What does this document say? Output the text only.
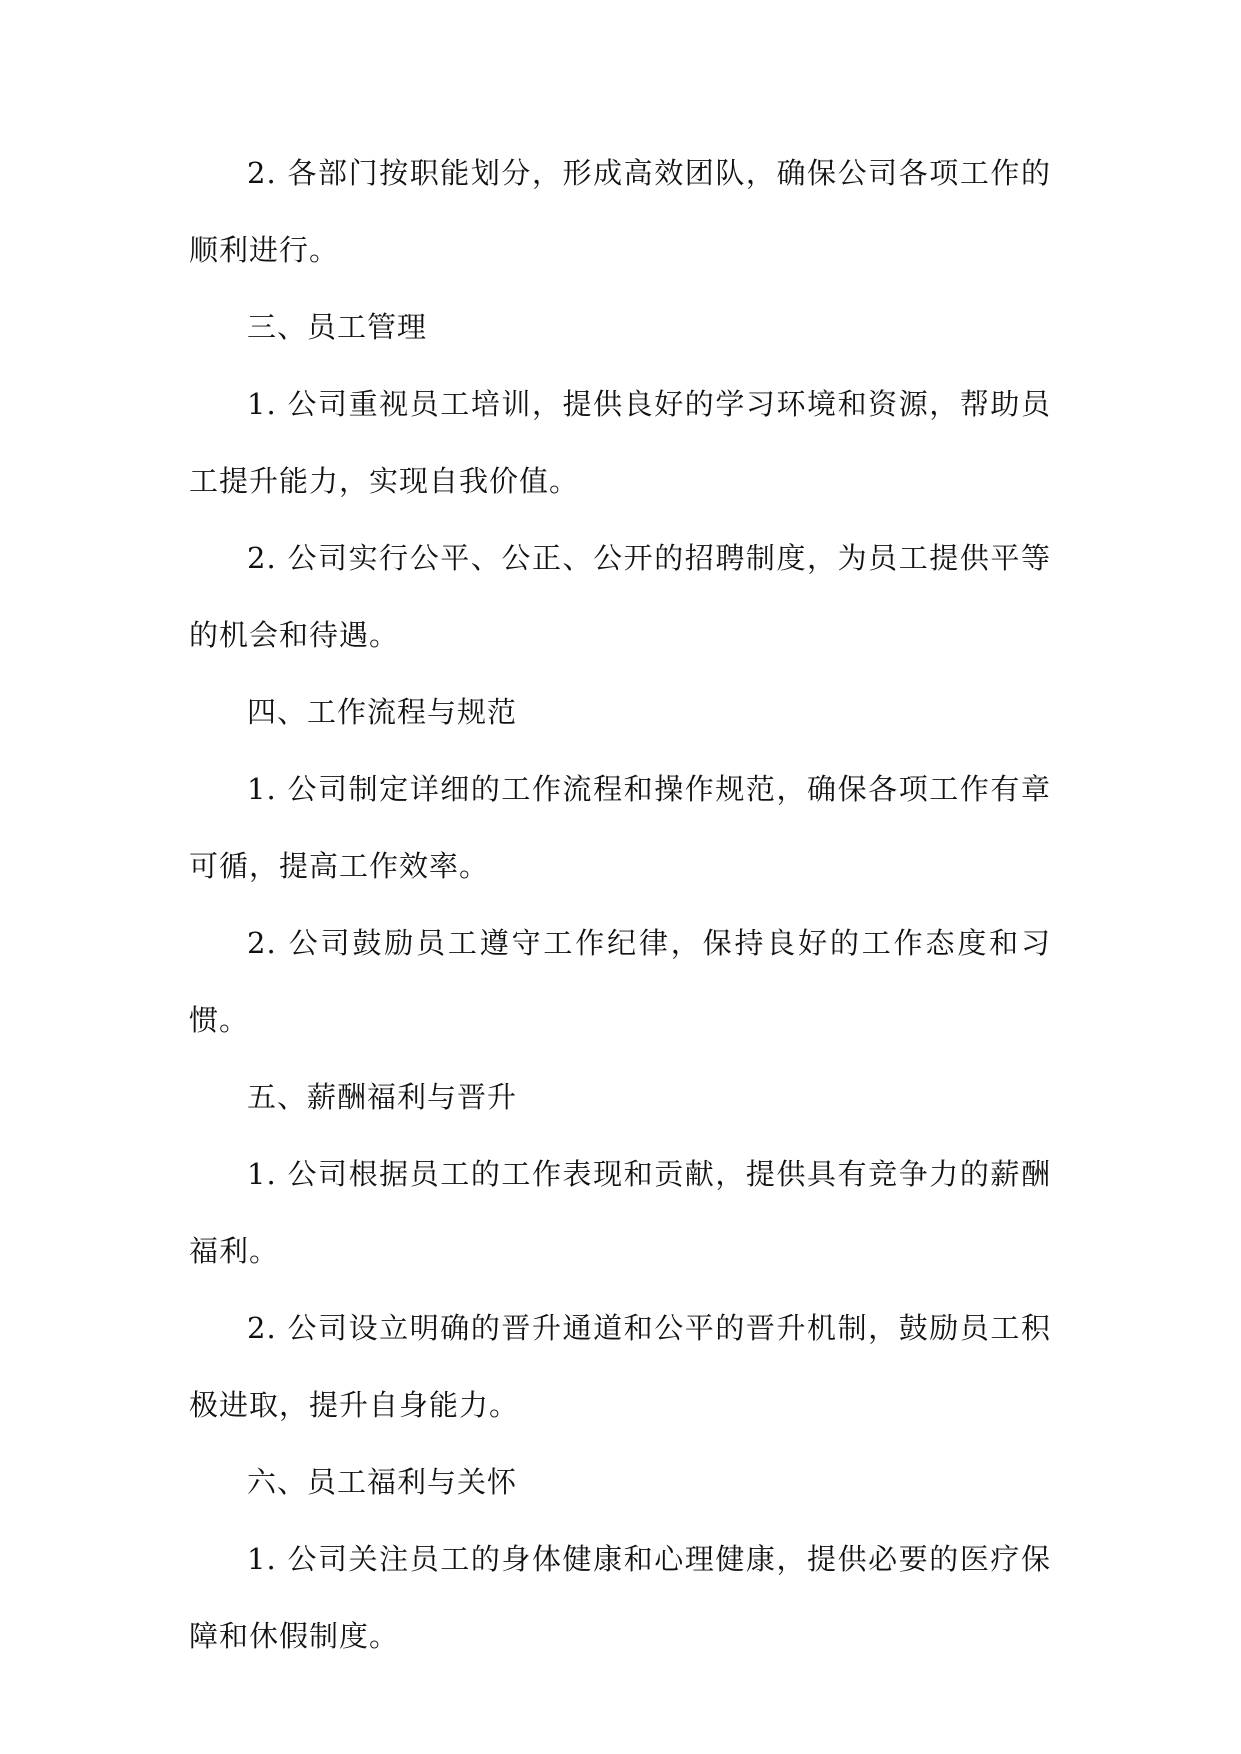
2. 各部门按职能划分，形成高效团队，确保公司各项工作的顺利进行。

三、员工管理

1. 公司重视员工培训，提供良好的学习环境和资源，帮助员工提升能力，实现自我价值。

2. 公司实行公平、公正、公开的招聘制度，为员工提供平等的机会和待遇。

四、工作流程与规范

1. 公司制定详细的工作流程和操作规范，确保各项工作有章可循，提高工作效率。

2. 公司鼓励员工遵守工作纪律，保持良好的工作态度和习惯。

五、薪酬福利与晋升

1. 公司根据员工的工作表现和贡献，提供具有竞争力的薪酬福利。

2. 公司设立明确的晋升通道和公平的晋升机制，鼓励员工积极进取，提升自身能力。

六、员工福利与关怀

1. 公司关注员工的身体健康和心理健康，提供必要的医疗保障和休假制度。
